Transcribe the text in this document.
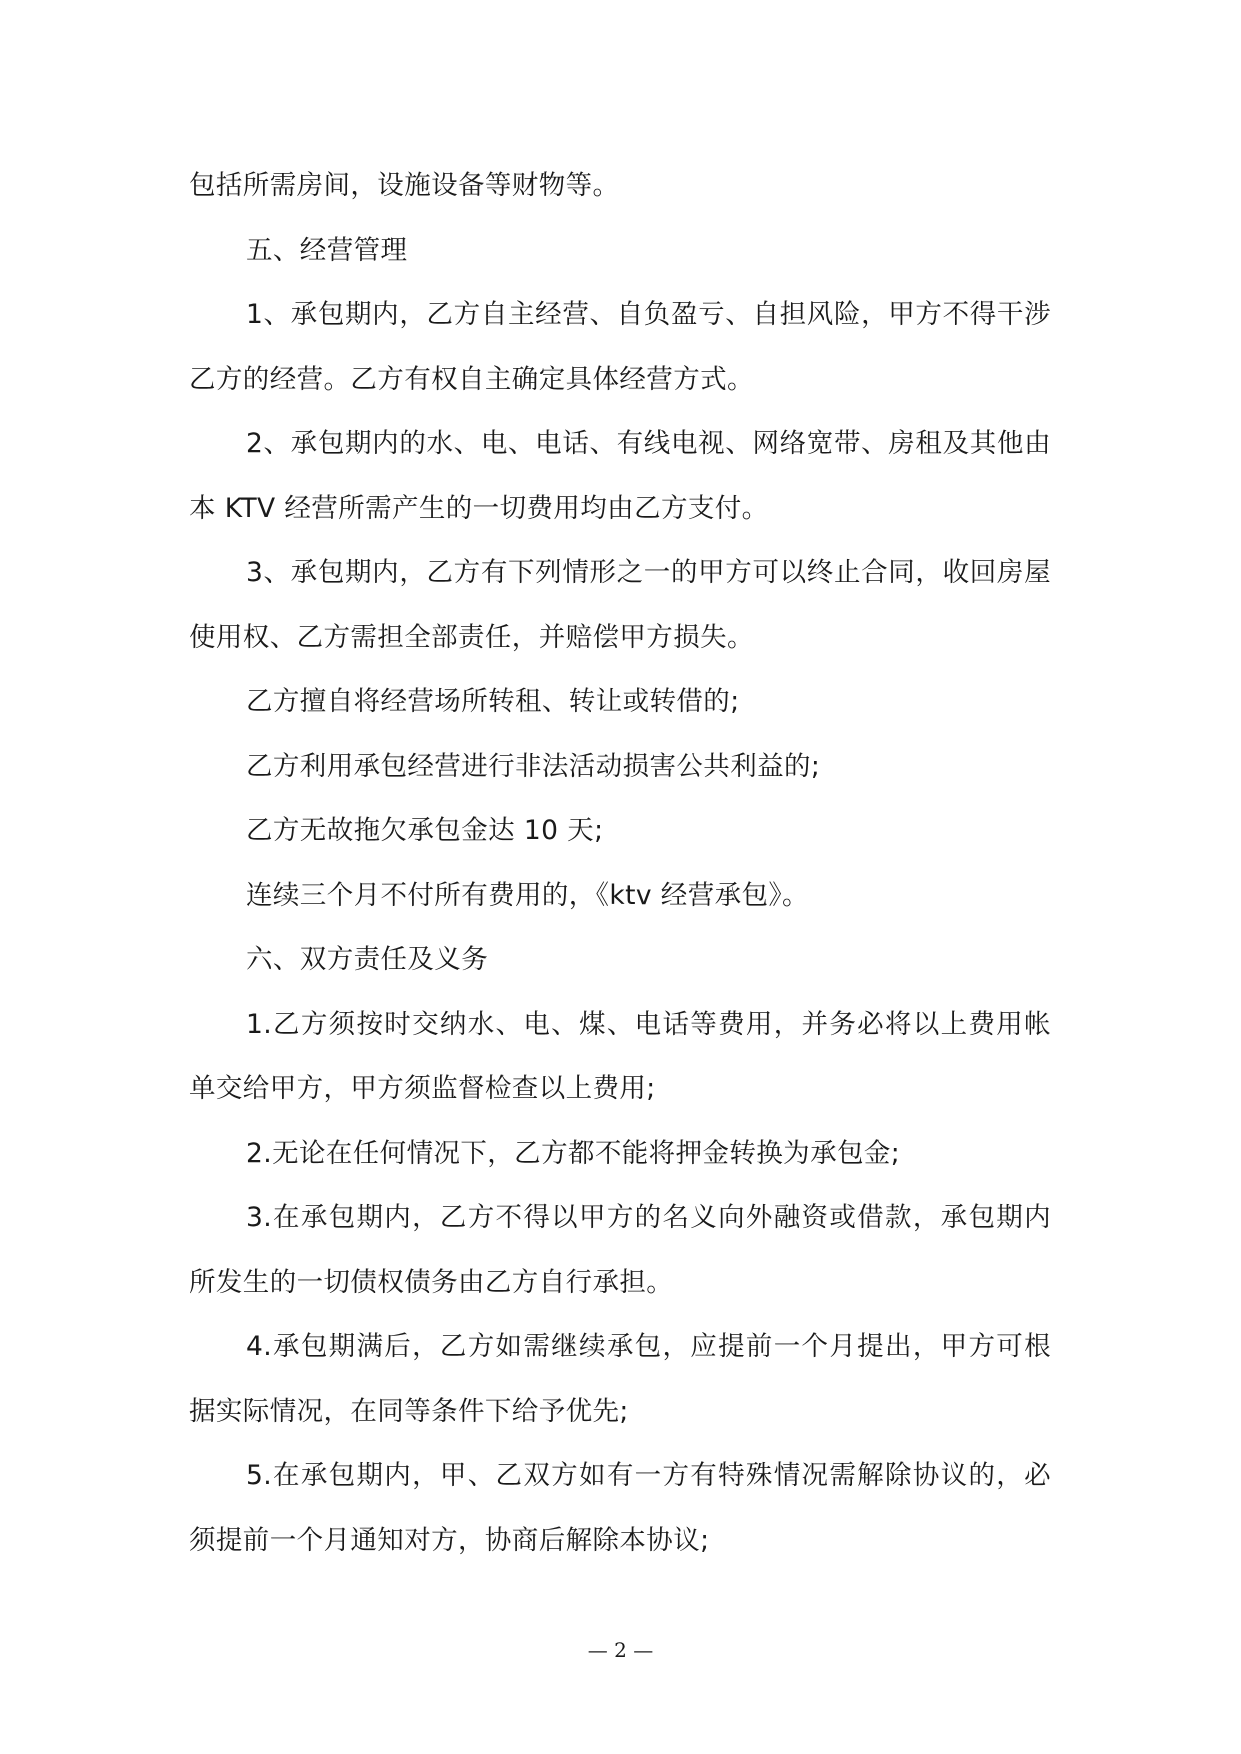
包括所需房间，设施设备等财物等。

五、经营管理

1、承包期内，乙方自主经营、自负盈亏、自担风险，甲方不得干涉乙方的经营。乙方有权自主确定具体经营方式。

2、承包期内的水、电、电话、有线电视、网络宽带、房租及其他由本 KTV 经营所需产生的一切费用均由乙方支付。

3、承包期内，乙方有下列情形之一的甲方可以终止合同，收回房屋使用权、乙方需担全部责任，并赔偿甲方损失。

乙方擅自将经营场所转租、转让或转借的;

乙方利用承包经营进行非法活动损害公共利益的;

乙方无故拖欠承包金达 10 天;

连续三个月不付所有费用的，《ktv 经营承包》。

六、双方责任及义务

1.乙方须按时交纳水、电、煤、电话等费用，并务必将以上费用帐单交给甲方，甲方须监督检查以上费用;

2.无论在任何情况下，乙方都不能将押金转换为承包金;

3.在承包期内，乙方不得以甲方的名义向外融资或借款，承包期内所发生的一切债权债务由乙方自行承担。

4.承包期满后，乙方如需继续承包，应提前一个月提出，甲方可根据实际情况，在同等条件下给予优先;

5.在承包期内，甲、乙双方如有一方有特殊情况需解除协议的，必须提前一个月通知对方，协商后解除本协议;

— 2 —
